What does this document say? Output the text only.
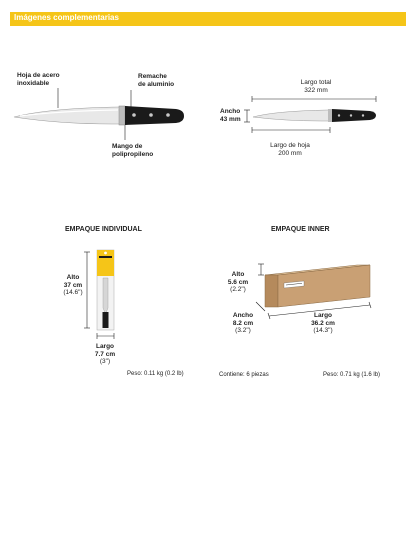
Imágenes complementarias
Hoja de acero
inoxidable
Remache
de aluminio
Mango de
polipropileno
Largo total
322 mm
Ancho
43 mm
Largo de hoja
200 mm
EMPAQUE INDIVIDUAL	EMPAQUE INNER
Alto
37 cm
(14.6")
Largo
7.7 cm
(3")
Peso: 0.11 kg (0.2 lb)
Alto
5.6 cm
(2.2")
Ancho
8.2 cm
(3.2")
Largo
36.2 cm
(14.3")
Contiene: 6 piezas	Peso: 0.71 kg (1.6 lb)
